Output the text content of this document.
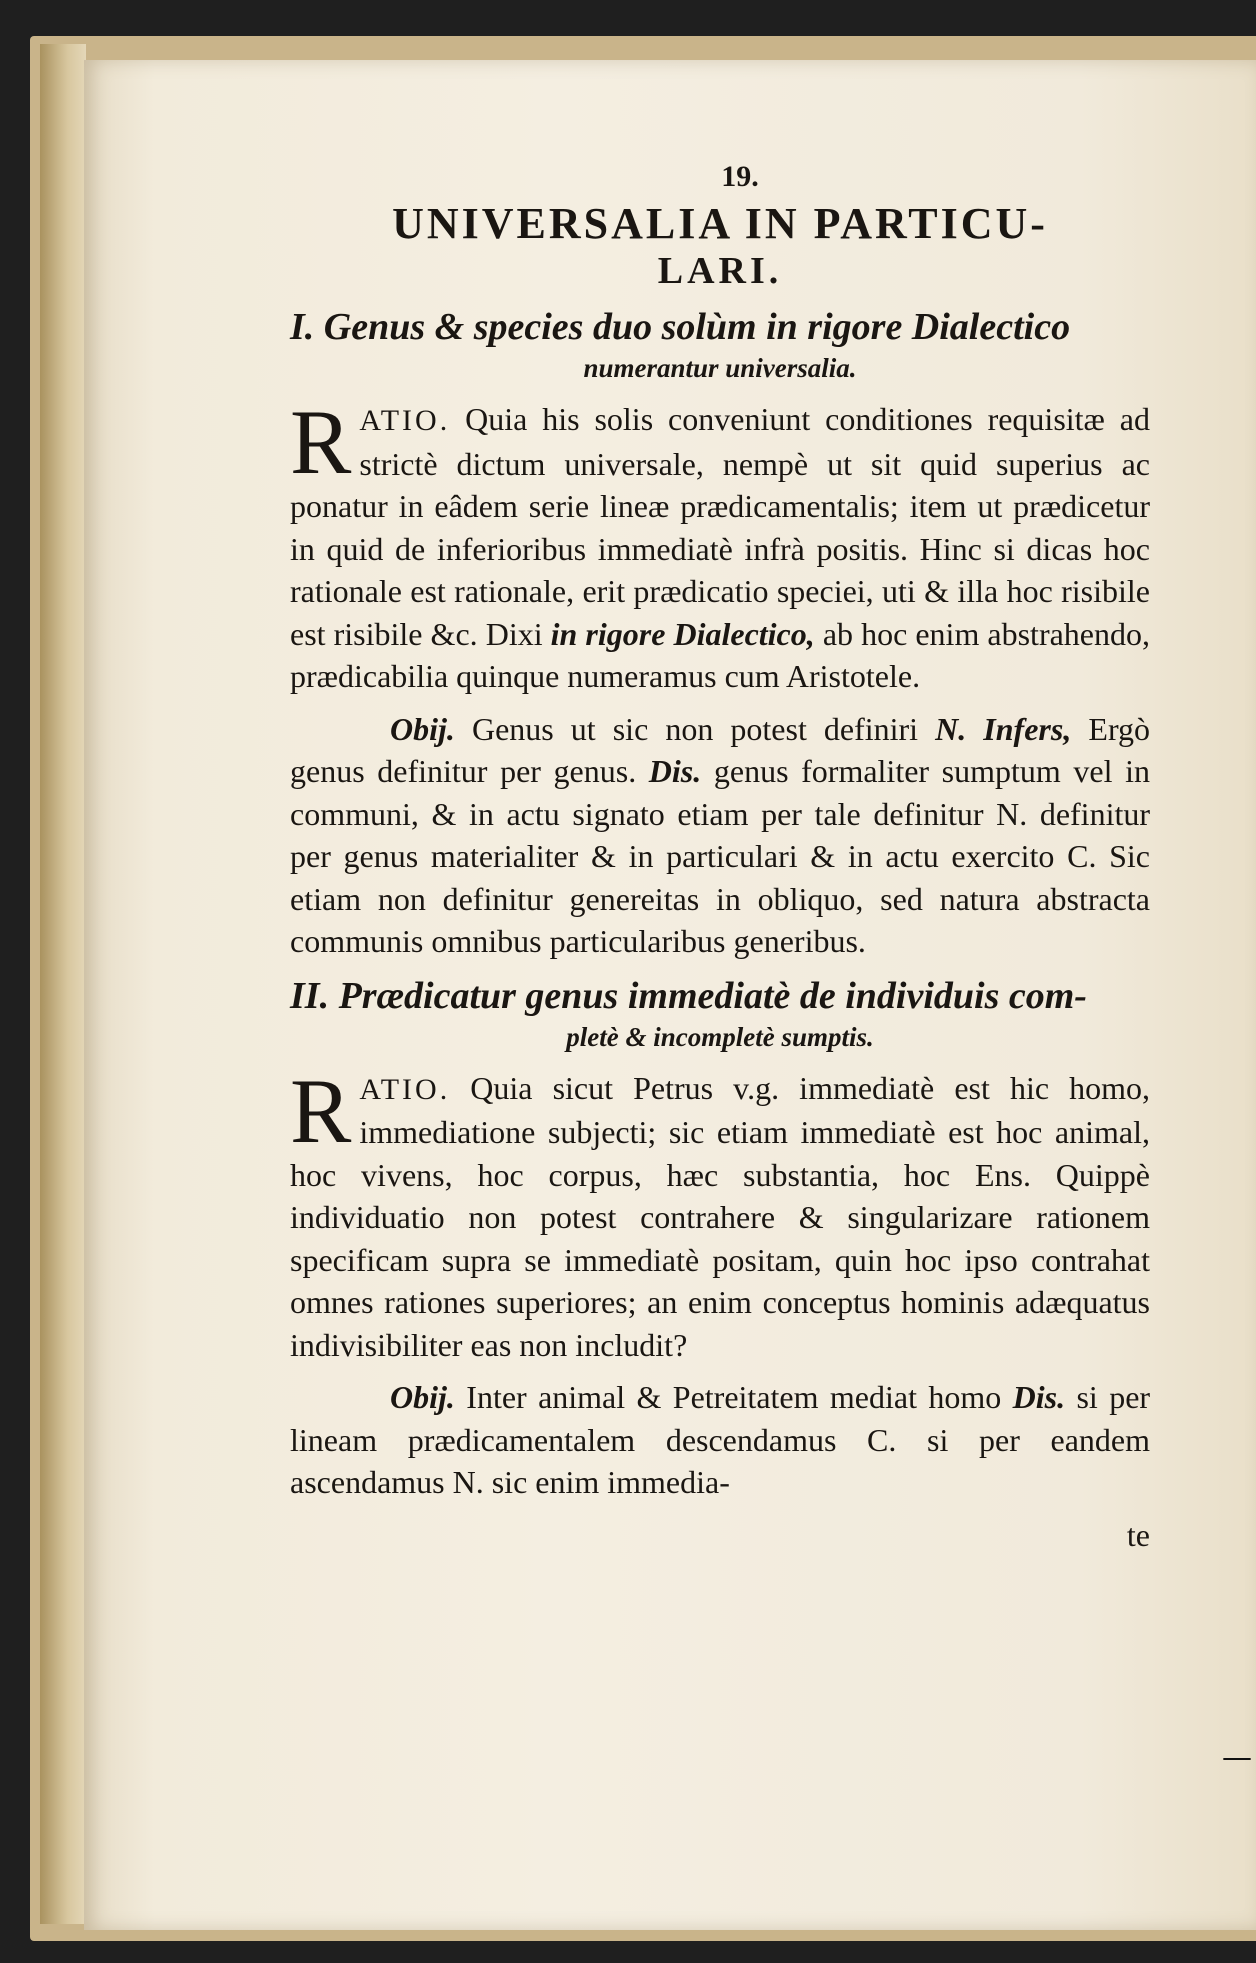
19.
UNIVERSALIA IN PARTICU-
LARI.
I. Genus & species duo solùm in rigore Dialectico
numerantur universalia.

R ATIO. Quia his solis conveniunt conditiones requisitæ ad strictè dictum universale, nempè ut sit quid superius ac ponatur in eâdem serie lineæ prædicamentalis; item ut prædicetur in quid de inferioribus immediatè infrà positis. Hinc si dicas hoc rationale est rationale, erit prædicatio speciei, uti & illa hoc risibile est risibile &c. Dixi in rigore Dialectico, ab hoc enim abstrahendo, prædicabilia quinque numeramus cum Aristotele.

Obij. Genus ut sic non potest definiri N. Infers, Ergò genus definitur per genus. Dis. genus formaliter sumptum vel in communi, & in actu signato etiam per tale definitur N. definitur per genus materialiter & in particulari & in actu exercito C. Sic etiam non definitur genereitas in obliquo, sed natura abstracta communis omnibus particularibus generibus.

II. Prædicatur genus immediatè de individuis com-
pletè & incompletè sumptis.

R ATIO. Quia sicut Petrus v.g. immediatè est hic homo, immediatione subjecti; sic etiam immediatè est hoc animal, hoc vivens, hoc corpus, hæc substantia, hoc Ens. Quippè individuatio non potest contrahere & singularizare rationem specificam supra se immediatè positam, quin hoc ipso contrahat omnes rationes superiores; an enim conceptus hominis adæquatus indivisibiliter eas non includit?

Obij. Inter animal & Petreitatem mediat homo Dis. si per lineam prædicamentalem descendamus C. si per eandem ascendamus N. sic enim immedia-

te
—
